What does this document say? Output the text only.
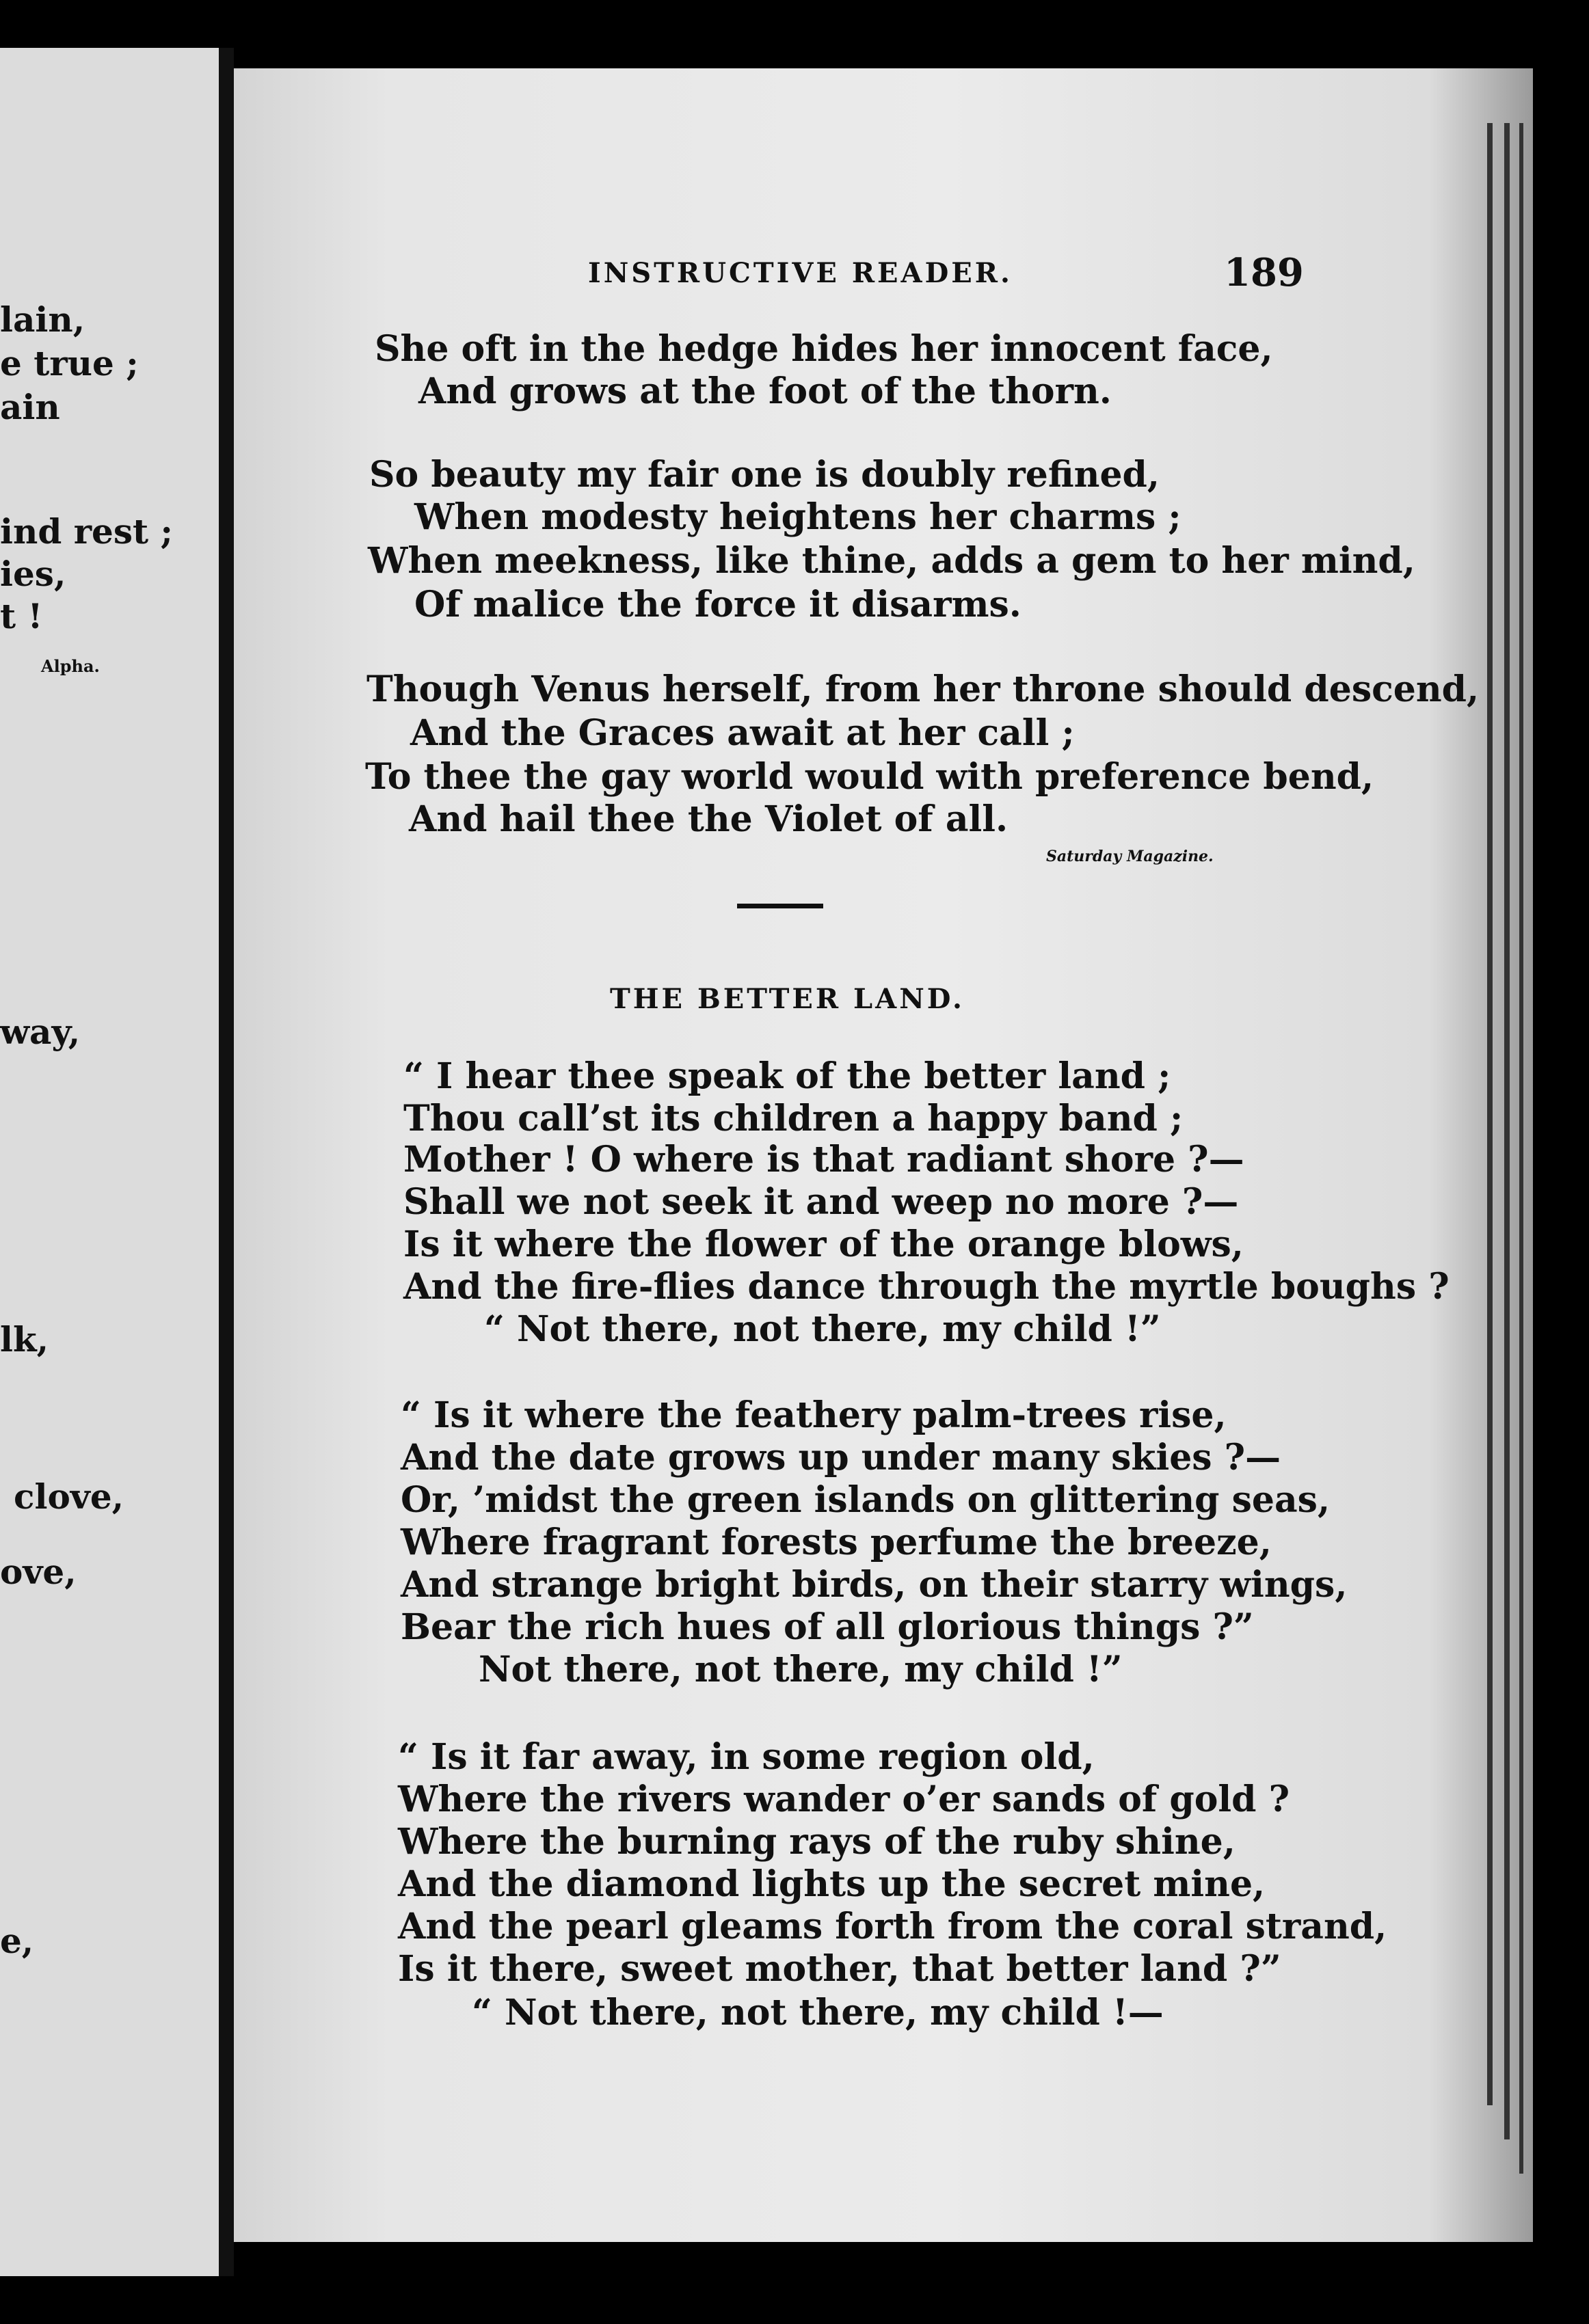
lain,
e true ;
ain
ind rest ;
ies,
t !
Alpha.
way,
lk,
clove,
ove,
e,
INSTRUCTIVE READER.	189
She oft in the hedge hides her innocent face,
And grows at the foot of the thorn.
So beauty my fair one is doubly refined,
When modesty heightens her charms ;
When meekness, like thine, adds a gem to her mind,
Of malice the force it disarms.
Though Venus herself, from her throne should descend,
And the Graces await at her call ;
To thee the gay world would with preference bend,
And hail thee the Violet of all.
Saturday Magazine.
THE BETTER LAND.
“ I hear thee speak of the better land ;
Thou call’st its children a happy band ;
Mother ! O where is that radiant shore ?—
Shall we not seek it and weep no more ?—
Is it where the flower of the orange blows,
And the fire-flies dance through the myrtle boughs ?
“ Not there, not there, my child !”
“ Is it where the feathery palm-trees rise,
And the date grows up under many skies ?—
Or, ’midst the green islands on glittering seas,
Where fragrant forests perfume the breeze,
And strange bright birds, on their starry wings,
Bear the rich hues of all glorious things ?”
Not there, not there, my child !”
“ Is it far away, in some region old,
Where the rivers wander o’er sands of gold ?
Where the burning rays of the ruby shine,
And the diamond lights up the secret mine,
And the pearl gleams forth from the coral strand,
Is it there, sweet mother, that better land ?”
“ Not there, not there, my child !—
